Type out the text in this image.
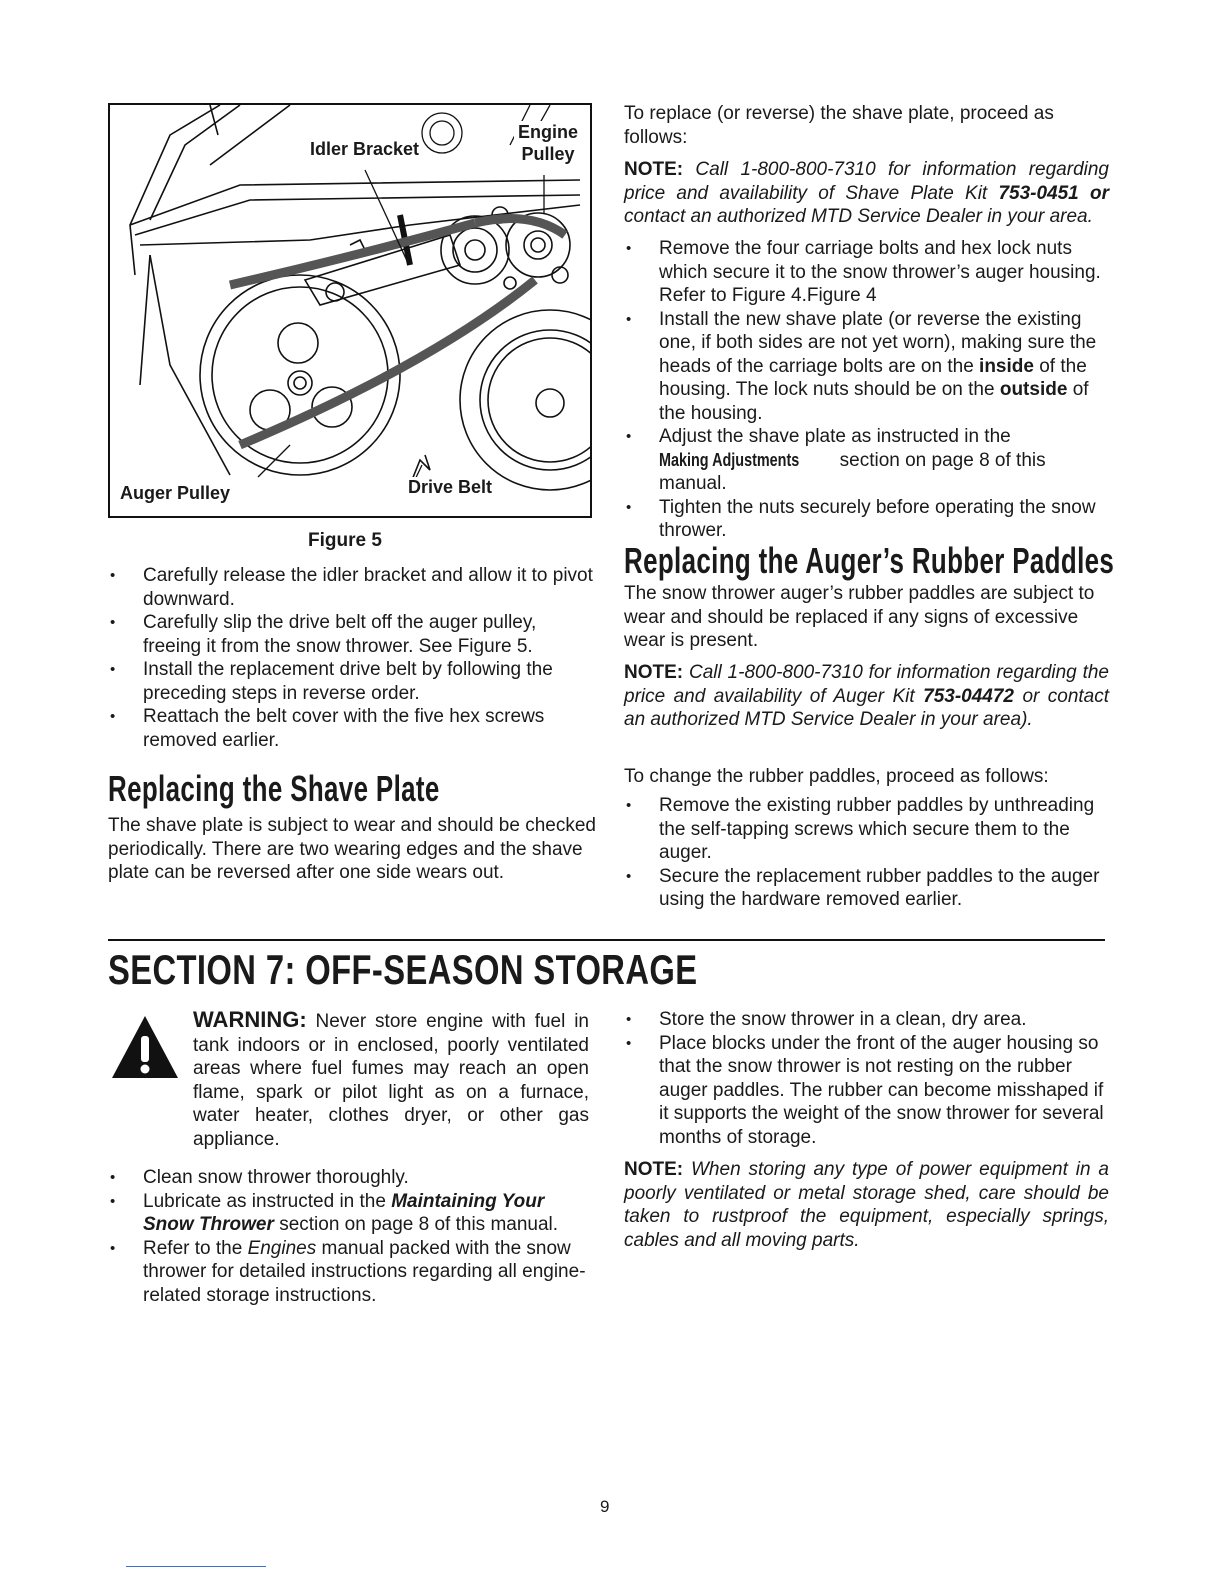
Idler Bracket
Engine Pulley
Auger Pulley	Drive Belt
Figure 5
• Carefully release the idler bracket and allow it to pivot downward.
• Carefully slip the drive belt off the auger pulley, freeing it from the snow thrower. See Figure 5.
• Install the replacement drive belt by following the preceding steps in reverse order.
• Reattach the belt cover with the five hex screws removed earlier.
Replacing the Shave Plate
The shave plate is subject to wear and should be checked periodically. There are two wearing edges and the shave plate can be reversed after one side wears out.
To replace (or reverse) the shave plate, proceed as follows:
NOTE: Call 1-800-800-7310 for information regarding price and availability of Shave Plate Kit 753-0451 or contact an authorized MTD Service Dealer in your area.
• Remove the four carriage bolts and hex lock nuts which secure it to the snow thrower’s auger housing. Refer to Figure 4.Figure 4
• Install the new shave plate (or reverse the existing one, if both sides are not yet worn), making sure the heads of the carriage bolts are on the inside of the housing. The lock nuts should be on the outside of the housing.
• Adjust the shave plate as instructed in the Making Adjustments section on page 8 of this manual.
• Tighten the nuts securely before operating the snow thrower.
Replacing the Auger’s Rubber Paddles
The snow thrower auger’s rubber paddles are subject to wear and should be replaced if any signs of excessive wear is present.
NOTE: Call 1-800-800-7310 for information regarding the price and availability of Auger Kit 753-04472 or contact an authorized MTD Service Dealer in your area).
To change the rubber paddles, proceed as follows:
• Remove the existing rubber paddles by unthreading the self-tapping screws which secure them to the auger.
• Secure the replacement rubber paddles to the auger using the hardware removed earlier.
SECTION 7: OFF-SEASON STORAGE
WARNING: Never store engine with fuel in tank indoors or in enclosed, poorly ventilated areas where fuel fumes may reach an open flame, spark or pilot light as on a furnace, water heater, clothes dryer, or other gas appliance.
• Clean snow thrower thoroughly.
• Lubricate as instructed in the Maintaining Your Snow Thrower section on page 8 of this manual.
• Refer to the Engines manual packed with the snow thrower for detailed instructions regarding all engine-related storage instructions.
• Store the snow thrower in a clean, dry area.
• Place blocks under the front of the auger housing so that the snow thrower is not resting on the rubber auger paddles. The rubber can become misshaped if it supports the weight of the snow thrower for several months of storage.
NOTE: When storing any type of power equipment in a poorly ventilated or metal storage shed, care should be taken to rustproof the equipment, especially springs, cables and all moving parts.
9
